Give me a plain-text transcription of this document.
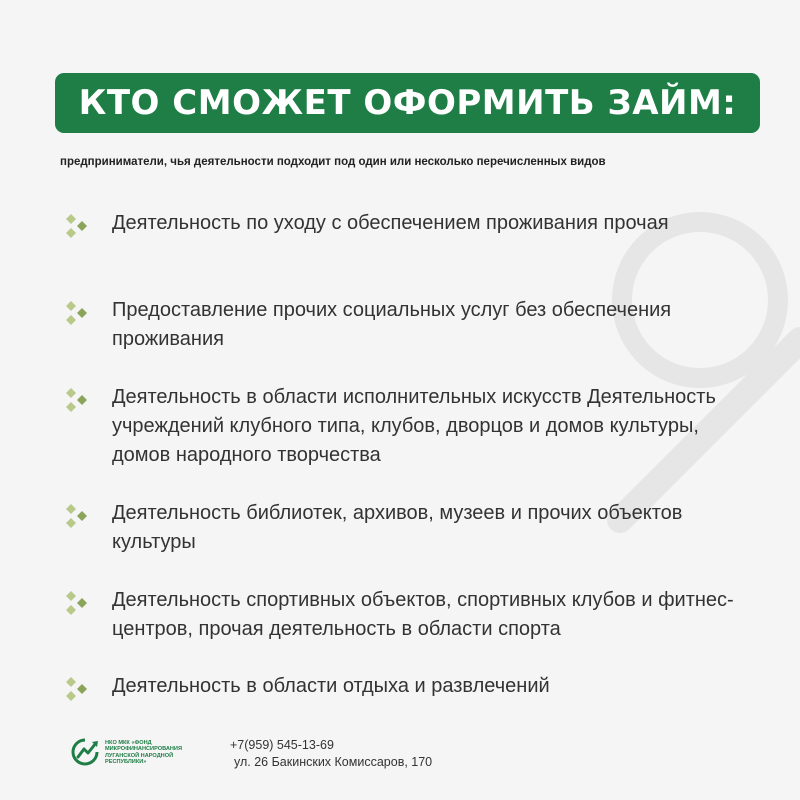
КТО СМОЖЕТ ОФОРМИТЬ ЗАЙМ:
предприниматели, чья деятельности подходит под один или несколько перечисленных видов
Деятельность по уходу с обеспечением проживания прочая
Предоставление прочих социальных услуг без обеспечения проживания
Деятельность в области исполнительных искусств Деятельность учреждений клубного типа, клубов, дворцов и домов культуры, домов народного творчества
Деятельность библиотек, архивов, музеев и прочих объектов культуры
Деятельность спортивных объектов, спортивных клубов и фитнес-центров, прочая деятельность в области спорта
Деятельность в области отдыха и развлечений
НКО МКК «ФОНД МИКРОФИНАНСИРОВАНИЯ ЛУГАНСКОЙ НАРОДНОЙ РЕСПУБЛИКИ»
+7(959) 545-13-69
ул. 26 Бакинских Комиссаров, 170
